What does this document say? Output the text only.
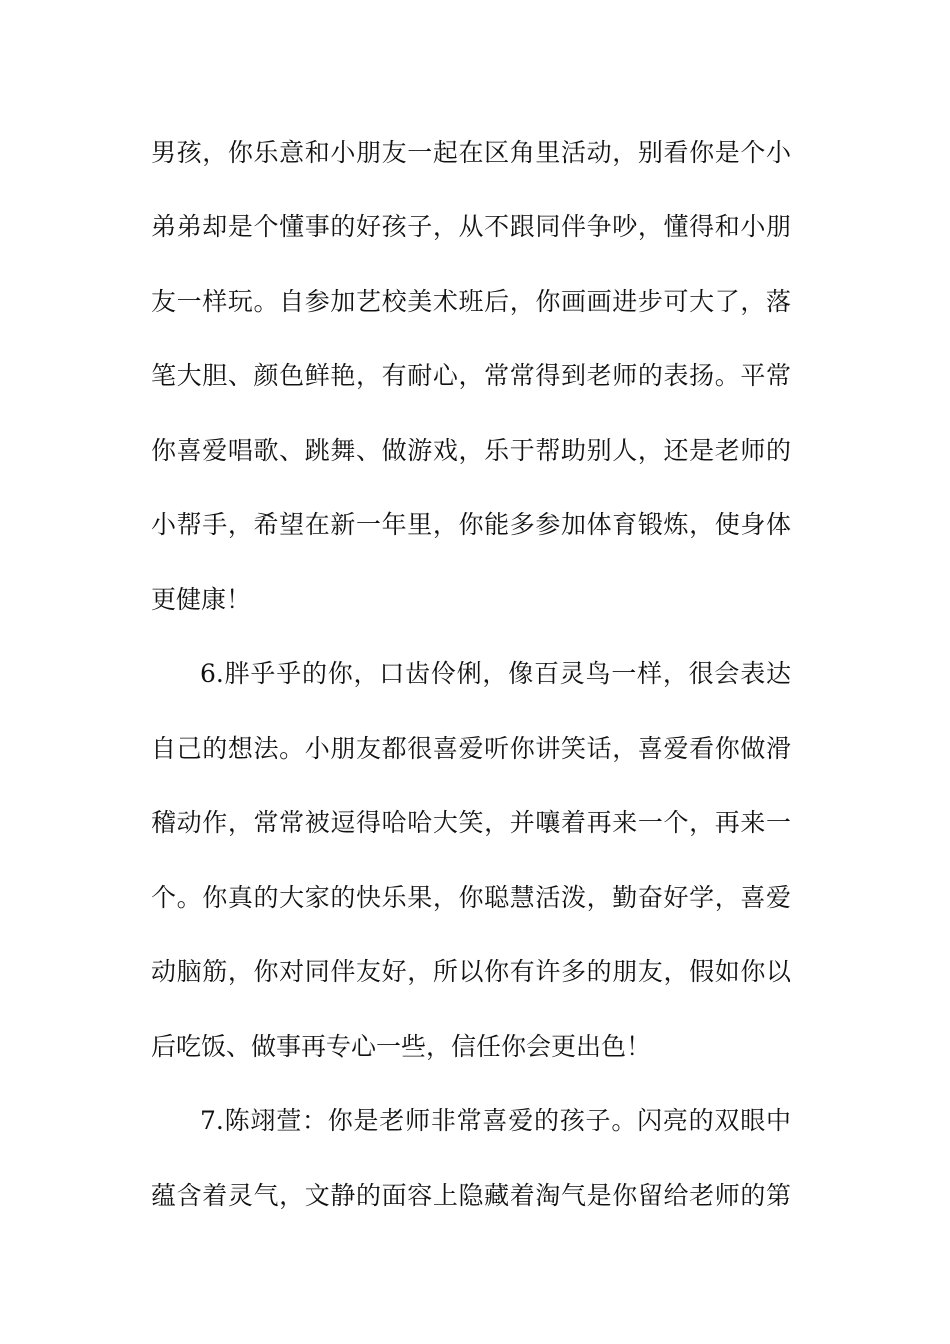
男孩，你乐意和小朋友一起在区角里活动，别看你是个小
弟弟却是个懂事的好孩子，从不跟同伴争吵，懂得和小朋
友一样玩。自参加艺校美术班后，你画画进步可大了，落
笔大胆、颜色鲜艳，有耐心，常常得到老师的表扬。平常
你喜爱唱歌、跳舞、做游戏，乐于帮助别人，还是老师的
小帮手，希望在新一年里，你能多参加体育锻炼，使身体
更健康！
6.胖乎乎的你，口齿伶俐，像百灵鸟一样，很会表达
自己的想法。小朋友都很喜爱听你讲笑话，喜爱看你做滑
稽动作，常常被逗得哈哈大笑，并嚷着再来一个，再来一
个。你真的大家的快乐果，你聪慧活泼，勤奋好学，喜爱
动脑筋，你对同伴友好，所以你有许多的朋友，假如你以
后吃饭、做事再专心一些，信任你会更出色！
7.陈翊萱：你是老师非常喜爱的孩子。闪亮的双眼中
蕴含着灵气，文静的面容上隐藏着淘气是你留给老师的第
